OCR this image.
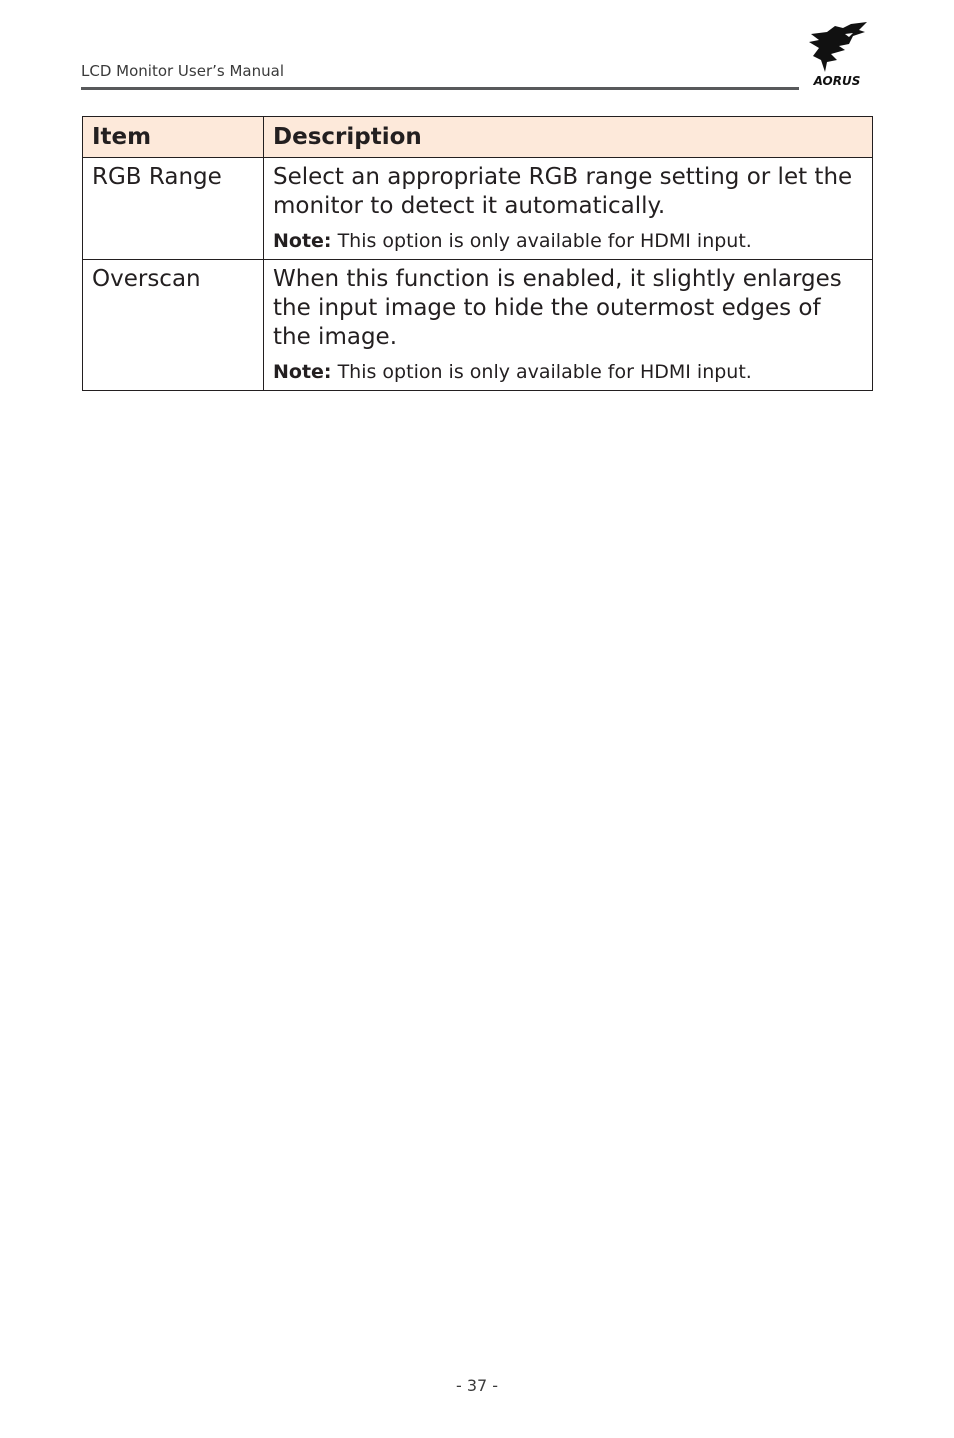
LCD Monitor User’s Manual
AORUS
Item	Description
RGB Range	Select an appropriate RGB range setting or let the monitor to detect it automatically.

Note: This option is only available for HDMI input.

Overscan	When this function is enabled, it slightly enlarges the input image to hide the outermost edges of the image.

Note: This option is only available for HDMI input.

- 37 -
